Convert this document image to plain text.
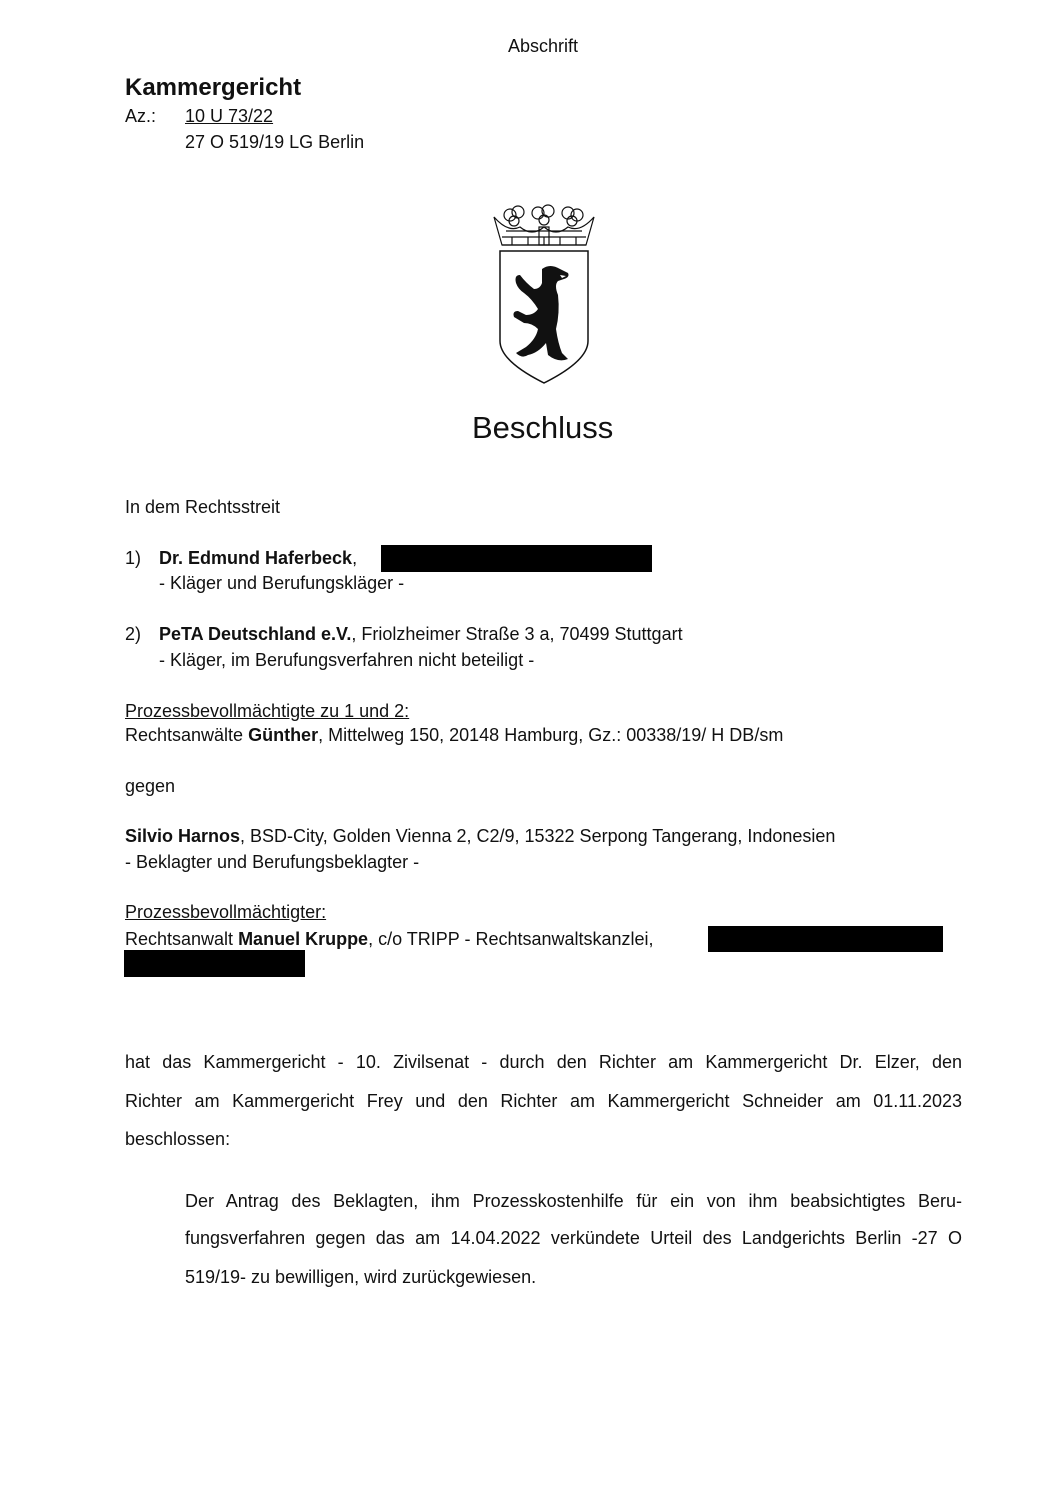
Abschrift
Kammergericht
Az.: 10 U 73/22
27 O 519/19 LG Berlin
Beschluss
In dem Rechtsstreit
1) Dr. Edmund Haferbeck,
- Kläger und Berufungskläger -
2) PeTA Deutschland e.V., Friolzheimer Straße 3 a, 70499 Stuttgart
- Kläger, im Berufungsverfahren nicht beteiligt -
Prozessbevollmächtigte zu 1 und 2:
Rechtsanwälte Günther, Mittelweg 150, 20148 Hamburg, Gz.: 00338/19/ H DB/sm
gegen
Silvio Harnos, BSD-City, Golden Vienna 2, C2/9, 15322 Serpong Tangerang, Indonesien
- Beklagter und Berufungsbeklagter -
Prozessbevollmächtigter:
Rechtsanwalt Manuel Kruppe, c/o TRIPP - Rechtsanwaltskanzlei,
hat das Kammergericht - 10. Zivilsenat - durch den Richter am Kammergericht Dr. Elzer, den
Richter am Kammergericht Frey und den Richter am Kammergericht Schneider am 01.11.2023
beschlossen:
Der Antrag des Beklagten, ihm Prozesskostenhilfe für ein von ihm beabsichtigtes Beru-
fungsverfahren gegen das am 14.04.2022 verkündete Urteil des Landgerichts Berlin -27 O
519/19- zu bewilligen, wird zurückgewiesen.
